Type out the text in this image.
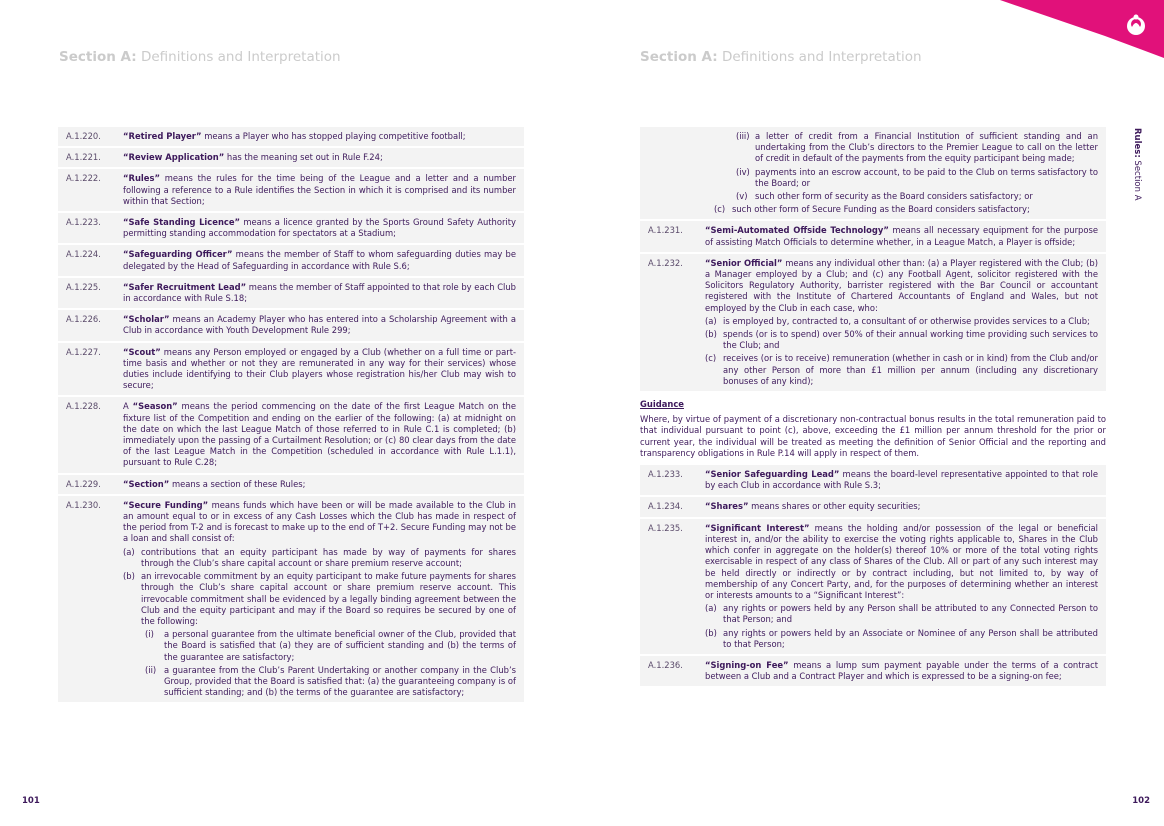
Section A: Definitions and Interpretation	Section A: Definitions and Interpretation
Rules: Section A
A.1.220.	“Retired Player” means a Player who has stopped playing competitive football;
A.1.221.	“Review Application” has the meaning set out in Rule F.24;
A.1.222.	“Rules” means the rules for the time being of the League and a letter and a number following a reference to a Rule identifies the Section in which it is comprised and its number within that Section;
A.1.223.	“Safe Standing Licence” means a licence granted by the Sports Ground Safety Authority permitting standing accommodation for spectators at a Stadium;
A.1.224.	“Safeguarding Officer” means the member of Staff to whom safeguarding duties may be delegated by the Head of Safeguarding in accordance with Rule S.6;
A.1.225.	“Safer Recruitment Lead” means the member of Staff appointed to that role by each Club in accordance with Rule S.18;
A.1.226.	“Scholar” means an Academy Player who has entered into a Scholarship Agreement with a Club in accordance with Youth Development Rule 299;
A.1.227.	“Scout” means any Person employed or engaged by a Club (whether on a full time or part-time basis and whether or not they are remunerated in any way for their services) whose duties include identifying to their Club players whose registration his/her Club may wish to secure;
A.1.228.	A “Season” means the period commencing on the date of the first League Match on the fixture list of the Competition and ending on the earlier of the following: (a) at midnight on the date on which the last League Match of those referred to in Rule C.1 is completed; (b) immediately upon the passing of a Curtailment Resolution; or (c) 80 clear days from the date of the last League Match in the Competition (scheduled in accordance with Rule L.1.1), pursuant to Rule C.28;
A.1.229.	“Section” means a section of these Rules;
A.1.230.	“Secure Funding” means funds which have been or will be made available to the Club in an amount equal to or in excess of any Cash Losses which the Club has made in respect of the period from T-2 and is forecast to make up to the end of T+2. Secure Funding may not be a loan and shall consist of:
(a) contributions that an equity participant has made by way of payments for shares through the Club’s share capital account or share premium reserve account;
(b) an irrevocable commitment by an equity participant to make future payments for shares through the Club’s share capital account or share premium reserve account. This irrevocable commitment shall be evidenced by a legally binding agreement between the Club and the equity participant and may if the Board so requires be secured by one of the following:
(i)	a personal guarantee from the ultimate beneficial owner of the Club, provided that the Board is satisfied that (a) they are of sufficient standing and (b) the terms of the guarantee are satisfactory;
(ii) a guarantee from the Club’s Parent Undertaking or another company in the Club’s Group, provided that the Board is satisfied that: (a) the guaranteeing company is of sufficient standing; and (b) the terms of the guarantee are satisfactory;
(iii) a letter of credit from a Financial Institution of sufficient standing and an undertaking from the Club’s directors to the Premier League to call on the letter of credit in default of the payments from the equity participant being made;
(iv) payments into an escrow account, to be paid to the Club on terms satisfactory to the Board; or
(v) such other form of security as the Board considers satisfactory; or
(c) such other form of Secure Funding as the Board considers satisfactory;
A.1.231.	“Semi-Automated Offside Technology” means all necessary equipment for the purpose of assisting Match Officials to determine whether, in a League Match, a Player is offside;
A.1.232.	“Senior Official” means any individual other than: (a) a Player registered with the Club; (b) a Manager employed by a Club; and (c) any Football Agent, solicitor registered with the Solicitors Regulatory Authority, barrister registered with the Bar Council or accountant registered with the Institute of Chartered Accountants of England and Wales, but not employed by the Club in each case, who:
(a) is employed by, contracted to, a consultant of or otherwise provides services to a Club;
(b) spends (or is to spend) over 50% of their annual working time providing such services to the Club; and
(c) receives (or is to receive) remuneration (whether in cash or in kind) from the Club and/or any other Person of more than £1 million per annum (including any discretionary bonuses of any kind);
Guidance
Where, by virtue of payment of a discretionary non-contractual bonus results in the total remuneration paid to that individual pursuant to point (c), above, exceeding the £1 million per annum threshold for the prior or current year, the individual will be treated as meeting the definition of Senior Official and the reporting and transparency obligations in Rule P.14 will apply in respect of them.
A.1.233.	“Senior Safeguarding Lead” means the board-level representative appointed to that role by each Club in accordance with Rule S.3;
A.1.234.	“Shares” means shares or other equity securities;
A.1.235.	“Significant Interest” means the holding and/or possession of the legal or beneficial interest in, and/or the ability to exercise the voting rights applicable to, Shares in the Club which confer in aggregate on the holder(s) thereof 10% or more of the total voting rights exercisable in respect of any class of Shares of the Club. All or part of any such interest may be held directly or indirectly or by contract including, but not limited to, by way of membership of any Concert Party, and, for the purposes of determining whether an interest or interests amounts to a “Significant Interest”:
(a) any rights or powers held by any Person shall be attributed to any Connected Person to that Person; and
(b) any rights or powers held by an Associate or Nominee of any Person shall be attributed to that Person;
A.1.236.	“Signing-on Fee” means a lump sum payment payable under the terms of a contract between a Club and a Contract Player and which is expressed to be a signing-on fee;
101	102
